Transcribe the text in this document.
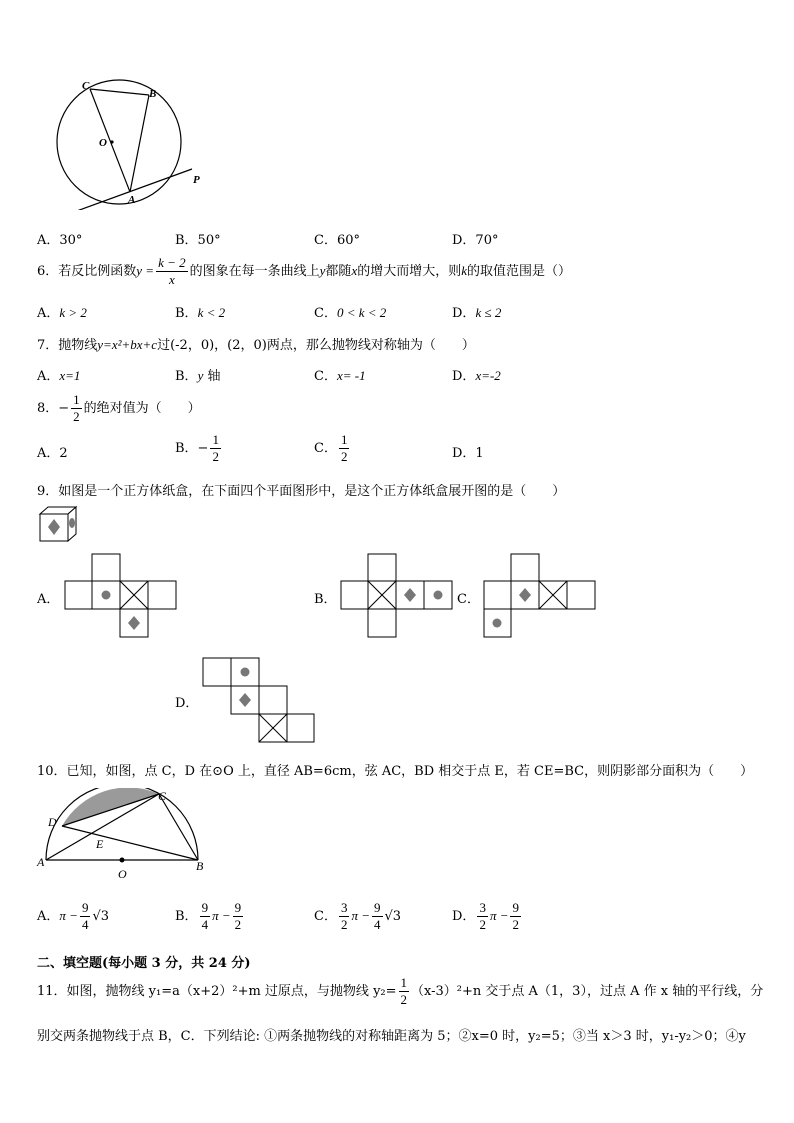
C
B
O
A
P
A．30°	B．50°	C．60°	D．70°
6．若反比例函数$y = \frac{k - 2}{x}$ 的图象在每一条曲线上y都随x的增大而增大，则k的取值范围是（）
A．k > 2	B．k < 2	C．0 < k < 2	D．k ≤ 2
7．抛物线y=x²+bx+c过(-2，0)，(2，0)两点，那么抛物线对称轴为（　　）
A．x=1	B．y 轴	C．x= -1	D．x=-2
8．− $\frac{1}{2}$ 的绝对值为（　　）
A．2	B．− $\frac{1}{2}$	C． $\frac{1}{2}$	D．1
9．如图是一个正方体纸盒，在下面四个平面图形中，是这个正方体纸盒展开图的是（　　）
A．	B．	C．
D．
10．已知，如图，点 C，D 在⊙O 上，直径 AB=6cm，弦 AC，BD 相交于点 E，若 CE=BC，则阴影部分面积为（　　）
C
D
E
A	B
O
A．$\pi - \frac{9}{4} √3$	B． $\frac{9}{4}$ $\pi - \frac{9}{2}$	C． $\frac{3}{2}$ $\pi - \frac{9}{4} √3$	D． $\frac{3}{2}$ $\pi - \frac{9}{2}$
二、填空题(每小题 3 分，共 24 分)
11．如图，抛物线 y₁=a（x+2）²+m 过原点，与抛物线 $y_2= \frac{1}{2} (x-3)^2+n$ 交于点 A（1，3），过点 A 作 x 轴的平行线，分
别交两条抛物线于点 B，C．下列结论: ①两条抛物线的对称轴距离为 5；②x=0 时，y₂=5；③当 x＞3 时，y₁-y₂＞0；④y
